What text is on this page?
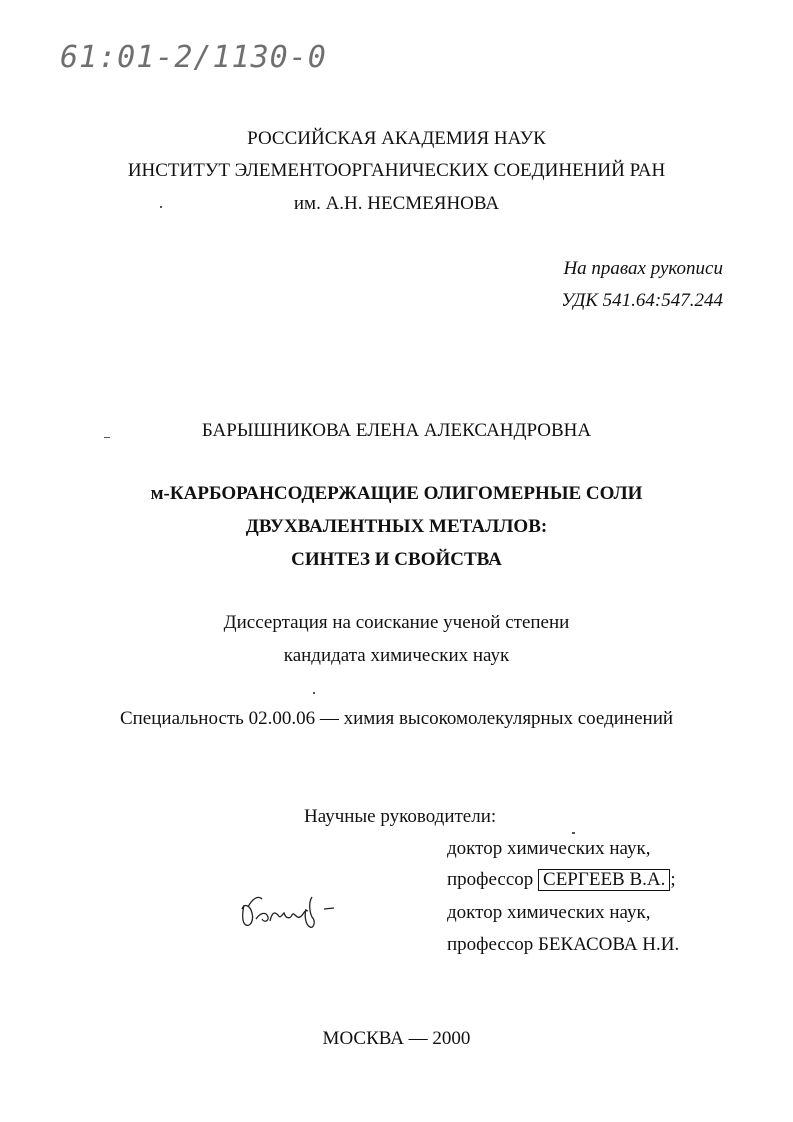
61:01-2/1130-0
РОССИЙСКАЯ АКАДЕМИЯ НАУК
ИНСТИТУТ ЭЛЕМЕНТООРГАНИЧЕСКИХ СОЕДИНЕНИЙ РАН
им. А.Н. НЕСМЕЯНОВА
На правах рукописи
УДК 541.64:547.244
БАРЫШНИКОВА ЕЛЕНА АЛЕКСАНДРОВНА
м-КАРБОРАНСОДЕРЖАЩИЕ ОЛИГОМЕРНЫЕ СОЛИ
ДВУХВАЛЕНТНЫХ МЕТАЛЛОВ:
СИНТЕЗ И СВОЙСТВА
Диссертация на соискание ученой степени
кандидата химических наук
Специальность 02.00.06 — химия высокомолекулярных соединений
Научные руководители:
доктор химических наук,
профессор СЕРГЕЕВ В.А. ;
доктор химических наук,
профессор БЕКАСОВА Н.И.
МОСКВА — 2000
